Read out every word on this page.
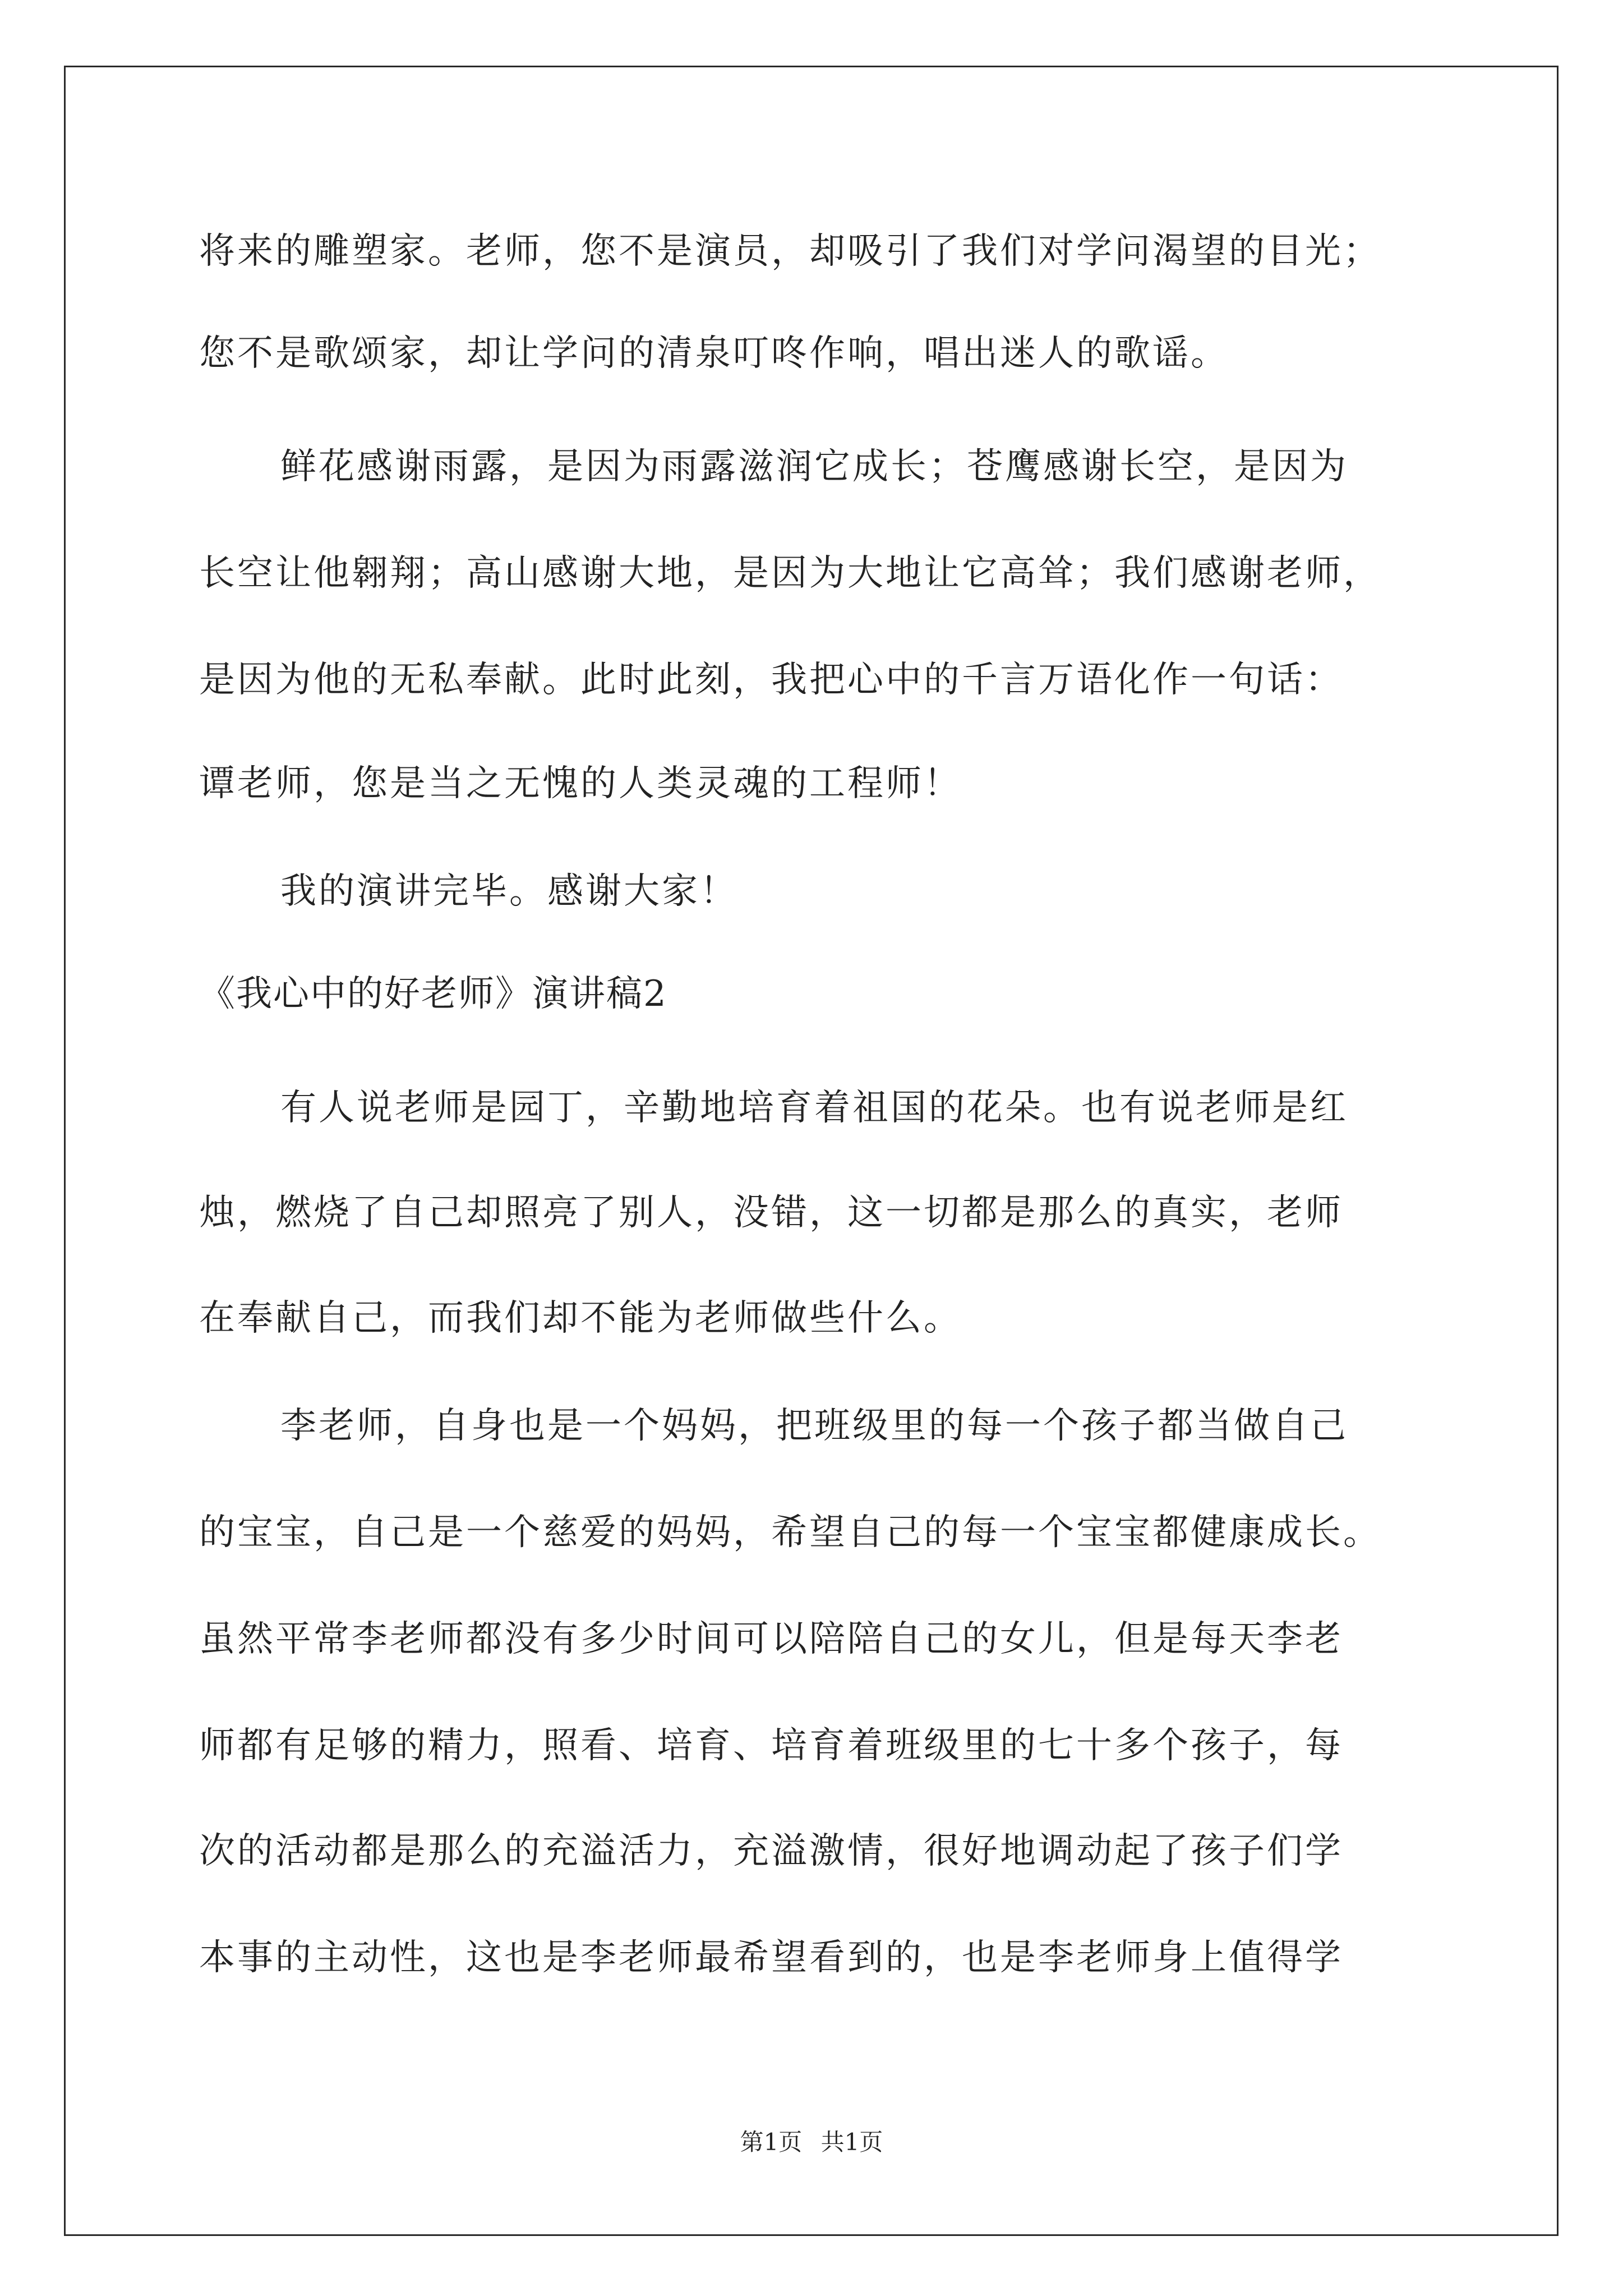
将来的雕塑家。老师，您不是演员，却吸引了我们对学问渴望的目光；
您不是歌颂家，却让学问的清泉叮咚作响，唱出迷人的歌谣。
鲜花感谢雨露，是因为雨露滋润它成长；苍鹰感谢长空，是因为
长空让他翱翔；高山感谢大地，是因为大地让它高耸；我们感谢老师，
是因为他的无私奉献。此时此刻，我把心中的千言万语化作一句话：
谭老师，您是当之无愧的人类灵魂的工程师！
我的演讲完毕。感谢大家！
《我心中的好老师》演讲稿2
有人说老师是园丁，辛勤地培育着祖国的花朵。也有说老师是红
烛，燃烧了自己却照亮了别人，没错，这一切都是那么的真实，老师
在奉献自己，而我们却不能为老师做些什么。
李老师，自身也是一个妈妈，把班级里的每一个孩子都当做自己
的宝宝，自己是一个慈爱的妈妈，希望自己的每一个宝宝都健康成长。
虽然平常李老师都没有多少时间可以陪陪自己的女儿，但是每天李老
师都有足够的精力，照看、培育、培育着班级里的七十多个孩子，每
次的活动都是那么的充溢活力，充溢激情，很好地调动起了孩子们学
本事的主动性，这也是李老师最希望看到的，也是李老师身上值得学
第1页 共1页
